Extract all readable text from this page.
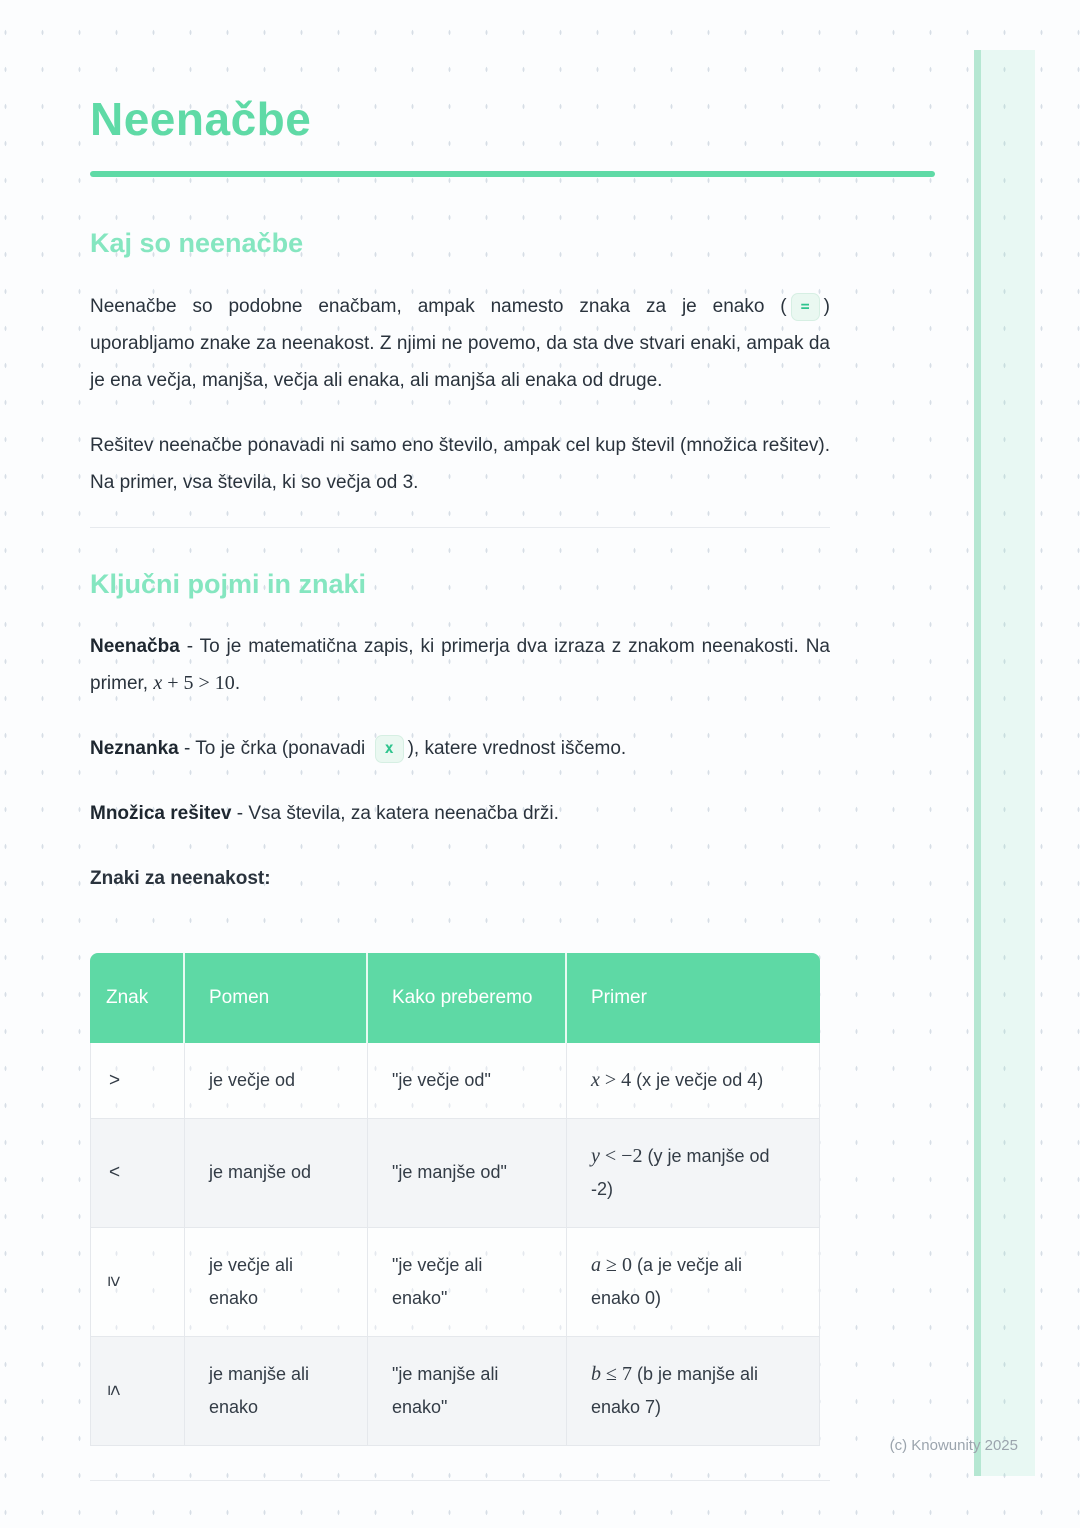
Neenačbe
Kaj so neenačbe

Neenačbe so podobne enačbam, ampak namesto znaka za je enako ( = ) uporabljamo znake za neenakost. Z njimi ne povemo, da sta dve stvari enaki, ampak da je ena večja, manjša, večja ali enaka, ali manjša ali enaka od druge.

Rešitev neenačbe ponavadi ni samo eno število, ampak cel kup števil (množica rešitev). Na primer, vsa števila, ki so večja od 3.

Ključni pojmi in znaki

Neenačba - To je matematična zapis, ki primerja dva izraza z znakom neenakosti. Na primer, x + 5 > 10.

Neznanka - To je črka (ponavadi x ), katere vrednost iščemo.

Množica rešitev - Vsa števila, za katera neenačba drži.

Znaki za neenakost:

Znak	Pomen	Kako preberemo	Primer
>	je večje od	"je večje od"	x > 4 (x je večje od 4)
<	je manjše od	"je manjše od"	y < −2 (y je manjše od -2)
≥	je večje ali enako	"je večje ali enako"	a ≥ 0 (a je večje ali enako 0)
≤	je manjše ali enako	"je manjše ali enako"	b ≤ 7 (b je manjše ali enako 7)
(c) Knowunity 2025
